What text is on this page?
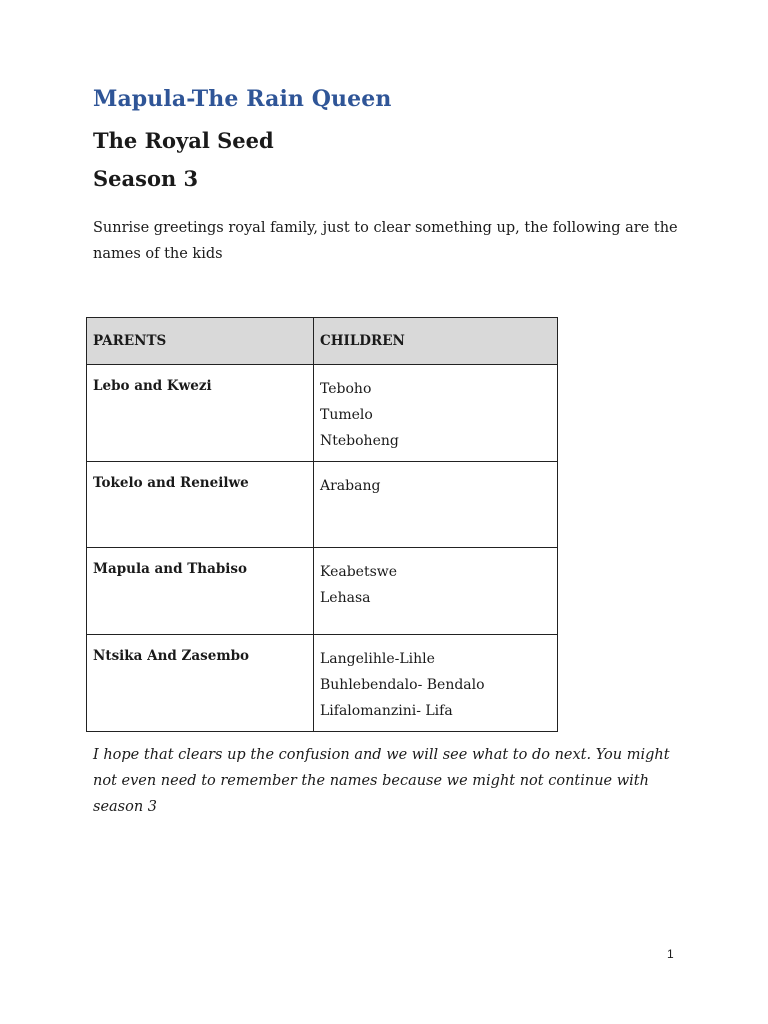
Mapula-The Rain Queen
The Royal Seed
Season 3

Sunrise greetings royal family, just to clear something up, the following are the names of the kids

PARENTS	CHILDREN
Lebo and Kwezi	Teboho
Tumelo
Nteboheng

Tokelo and Reneilwe	Arabang

Mapula and Thabiso	Keabetswe
Lehasa

Ntsika And Zasembo	Langelihle-Lihle
Buhlebendalo- Bendalo
Lifalomanzini- Lifa

I hope that clears up the confusion and we will see what to do next. You might not even need to remember the names because we might not continue with season 3

1
